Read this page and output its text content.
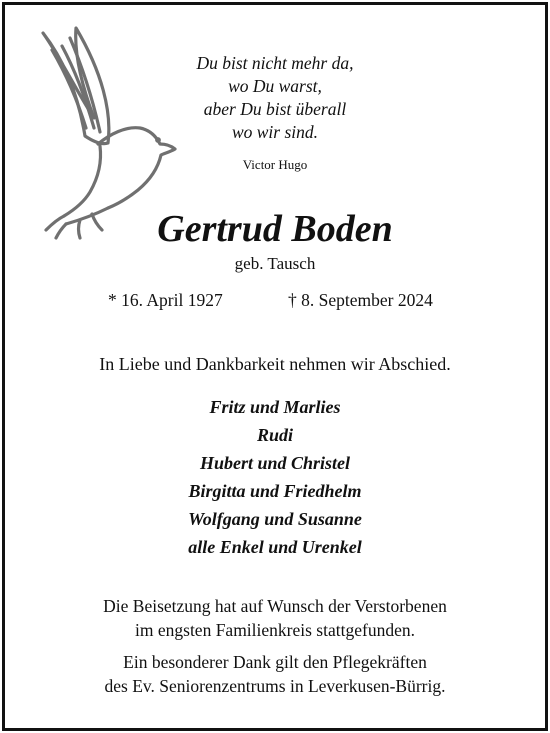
Du bist nicht mehr da,
wo Du warst,
aber Du bist überall
wo wir sind.
Victor Hugo
Gertrud Boden
geb. Tausch
* 16. April 1927	† 8. September 2024
In Liebe und Dankbarkeit nehmen wir Abschied.
Fritz und Marlies
Rudi
Hubert und Christel
Birgitta und Friedhelm
Wolfgang und Susanne
alle Enkel und Urenkel
Die Beisetzung hat auf Wunsch der Verstorbenen
im engsten Familienkreis stattgefunden.
Ein besonderer Dank gilt den Pflegekräften
des Ev. Seniorenzentrums in Leverkusen-Bürrig.
